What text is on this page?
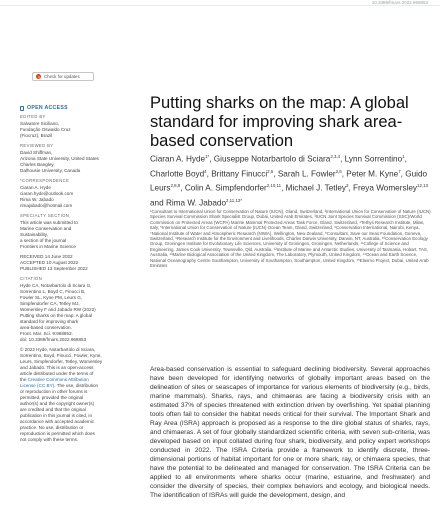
10.3389/fmars.2022.968853
Check for updates
OPEN ACCESS
EDITED BY
Salvatore Siciliano,
Fundação Oswaldo Cruz
(Fiocruz), Brazil
REVIEWED BY
David Shiffman,
Arizona State University, United States
Charles Bangley,
Dalhousie University, Canada
*CORRESPONDENCE
Ciaran A. Hyde
ciaran.hyde@outlook.com
Rima W. Jabado
rimajabado@hotmail.com
SPECIALTY SECTION
This article was submitted to
Marine Conservation and
Sustainability,
a section of the journal
Frontiers in Marine Science
RECEIVED 14 June 2022
ACCEPTED 10 August 2022
PUBLISHED 13 September 2022
CITATION
Hyde CA, Notarbartolo di Sciara G,
Sorrentino L, Boyd C, Finucci B,
Fowler SL, Kyne PM, Leurs G,
Simpfendorfer CA, Tetley MJ,
Womersley F and Jabado RW (2022)
Putting sharks on the map: A global
standard for improving shark
area-based conservation.
Front. Mar. Sci. 9:968853.
doi: 10.3389/fmars.2022.968853
© 2022 Hyde, Notarbartolo di Sciara,
Sorrentino, Boyd, Finucci, Fowler, Kyne,
Leurs, Simpfendorfer, Tetley, Womersley
and Jabado. This is an open-access
article distributed under the terms of
the Creative Commons Attribution
License (CC BY). The use, distribution
or reproduction in other forums is
permitted, provided the original
author(s) and the copyright owner(s)
are credited and that the original
publication in this journal is cited, in
accordance with accepted academic
practice. No use, distribution or
reproduction is permitted which does
not comply with these terms.
Putting sharks on the map: A global standard for improving shark area-based conservation
Ciaran A. Hyde$^{1*}$, Giuseppe Notarbartolo di Sciara$^{2,3,4}$, Lynn Sorrentino$^1$, Charlotte Boyd$^4$, Brittany Finucci$^{2,5}$, Sarah L. Fowler$^{2,6}$, Peter M. Kyne$^7$, Guido Leurs$^{2,8,9}$, Colin A. Simpfendorfer$^{2,10,11}$, Michael J. Tetley$^3$, Freya Womersley$^{12,13}$ and Rima W. Jabado$^{2,11,13*}$
¹Consultant to International Union for Conservation of Nature (IUCN), Gland, Switzerland, ²International Union for Conservation of Nature (IUCN) Species Survival Commission Shark Specialist Group, Dubai, United Arab Emirates, ³IUCN Joint Species Survival Commission (SSC)/World Commission on Protected Areas (WCPA) Marine Mammal Protected Areas Task Force, Gland, Switzerland, ⁴Tethys Research Institute, Milan, Italy, ⁵International Union for Conservation of Nature (IUCN) Ocean Team, Gland, Switzerland, ⁶Conservation International, Nairobi, Kenya, ⁷National Institute of Water and Atmospheric Research (NIWA), Wellington, New Zealand, ⁸Consultant, Save our Seas Foundation, Geneva, Switzerland, ⁹Research Institute for the Environment and Livelihoods, Charles Darwin University, Darwin, NT, Australia, ¹⁰Conservation Ecology Group, Groningen Institute for Evolutionary Life Sciences, University of Groningen, Groningen, Netherlands, ¹¹College of Science and Engineering, James Cook University, Townsville, Qld, Australia, ¹²Institute of Marine and Antarctic Studies, University of Tasmania, Hobart, TAS, Australia, ¹³Marine Biological Association of the United Kingdom, The Laboratory, Plymouth, United Kingdom, ¹⁴Ocean and Earth Science, National Oceanography Centre Southampton, University of Southampton, Southampton, United Kingdom, ¹⁵Elasmo Project, Dubai, United Arab Emirates
Area-based conservation is essential to safeguard declining biodiversity. Several approaches have been developed for identifying networks of globally important areas based on the delineation of sites or seascapes of importance for various elements of biodiversity (e.g., birds, marine mammals). Sharks, rays, and chimaeras are facing a biodiversity crisis with an estimated 37% of species threatened with extinction driven by overfishing. Yet spatial planning tools often fail to consider the habitat needs critical for their survival. The Important Shark and Ray Area (ISRA) approach is proposed as a response to the dire global status of sharks, rays, and chimaeras. A set of four globally standardized scientific criteria, with seven sub-criteria, was developed based on input collated during four shark, biodiversity, and policy expert workshops conducted in 2022. The ISRA Criteria provide a framework to identify discrete, three-dimensional portions of habitat important for one or more shark, ray, or chimaera species, that have the potential to be delineated and managed for conservation. The ISRA Criteria can be applied to all environments where sharks occur (marine, estuarine, and freshwater) and consider the diversity of species, their complex behaviors and ecology, and biological needs. The identification of ISRAs will guide the development, design, and
